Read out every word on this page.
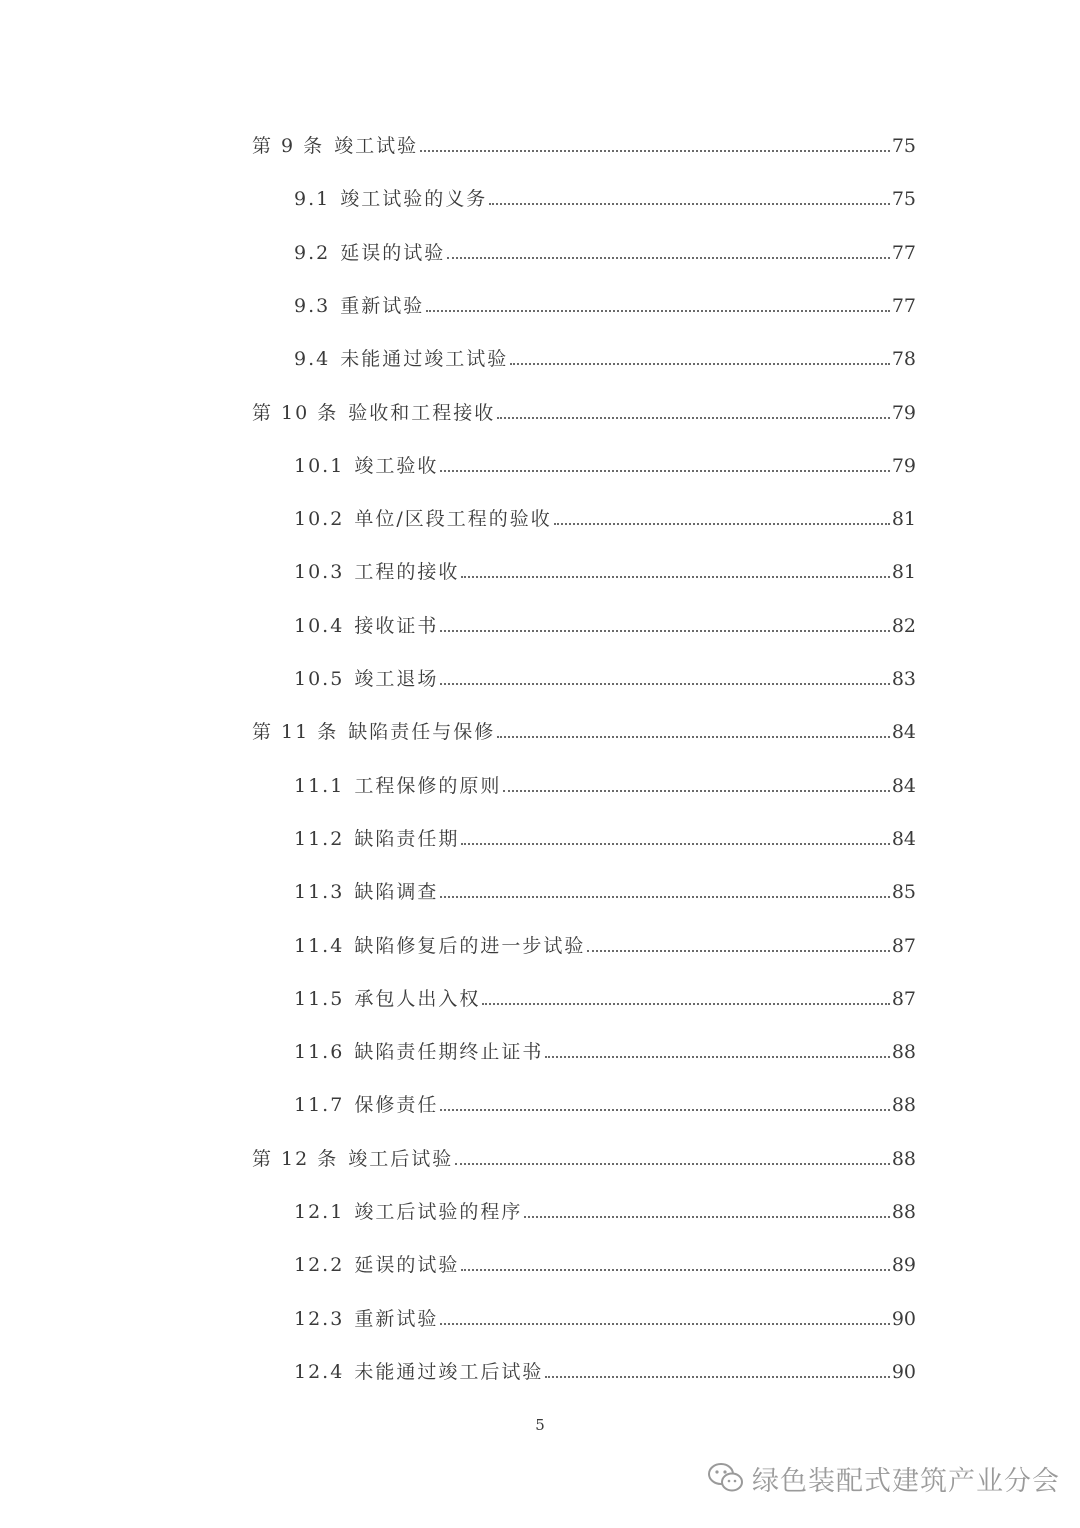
第 9 条 竣工试验	75
9.1 竣工试验的义务	75
9.2 延误的试验	77
9.3 重新试验	77
9.4 未能通过竣工试验	78
第 10 条 验收和工程接收	79
10.1 竣工验收	79
10.2 单位/区段工程的验收	81
10.3 工程的接收	81
10.4 接收证书	82
10.5 竣工退场	83
第 11 条 缺陷责任与保修	84
11.1 工程保修的原则	84
11.2 缺陷责任期	84
11.3 缺陷调查	85
11.4 缺陷修复后的进一步试验	87
11.5 承包人出入权	87
11.6 缺陷责任期终止证书	88
11.7 保修责任	88
第 12 条 竣工后试验	88
12.1 竣工后试验的程序	88
12.2 延误的试验	89
12.3 重新试验	90
12.4 未能通过竣工后试验	90
5
绿色装配式建筑产业分会
